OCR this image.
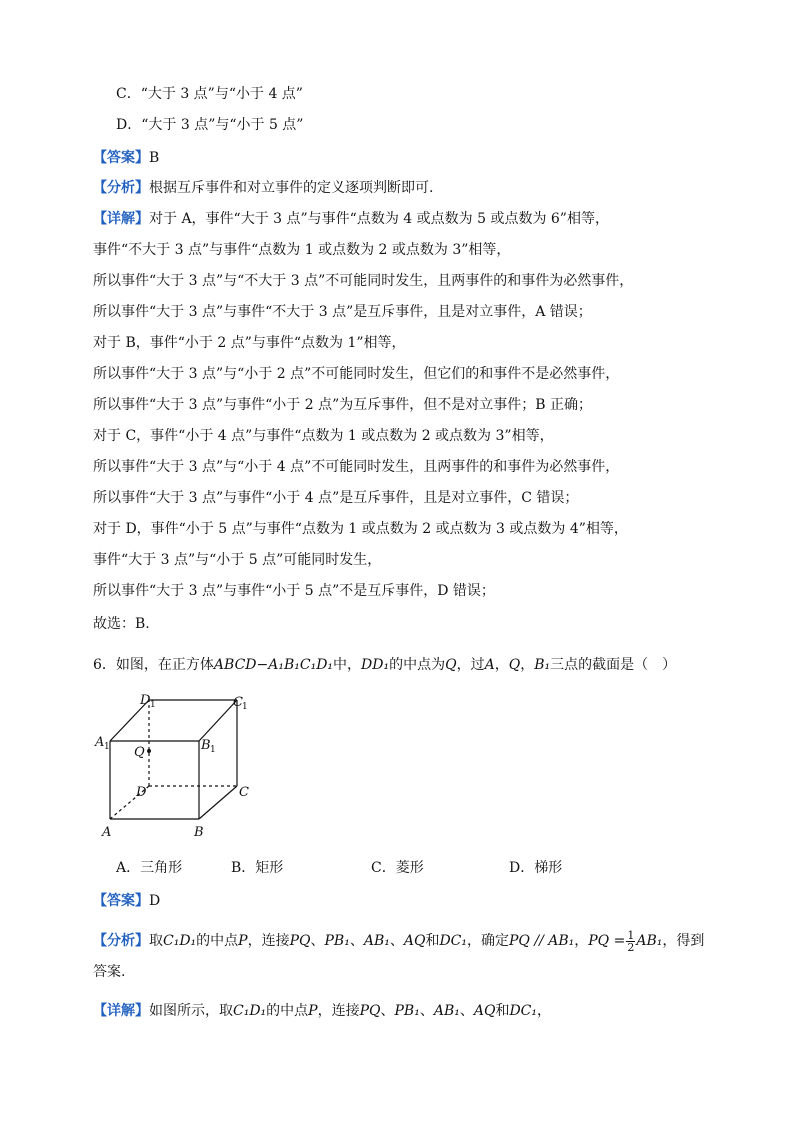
C．“大于 3 点”与“小于 4 点”
D．“大于 3 点”与“小于 5 点”
【答案】B
【分析】根据互斥事件和对立事件的定义逐项判断即可.
【详解】对于 A，事件“大于 3 点”与事件“点数为 4 或点数为 5 或点数为 6”相等，
事件“不大于 3 点”与事件“点数为 1 或点数为 2 或点数为 3”相等，
所以事件“大于 3 点”与“不大于 3 点”不可能同时发生，且两事件的和事件为必然事件，
所以事件“大于 3 点”与事件“不大于 3 点”是互斥事件，且是对立事件，A 错误；
对于 B，事件“小于 2 点”与事件“点数为 1”相等，
所以事件“大于 3 点”与“小于 2 点”不可能同时发生，但它们的和事件不是必然事件，
所以事件“大于 3 点”与事件“小于 2 点”为互斥事件，但不是对立事件；B 正确；
对于 C，事件“小于 4 点”与事件“点数为 1 或点数为 2 或点数为 3”相等，
所以事件“大于 3 点”与“小于 4 点”不可能同时发生，且两事件的和事件为必然事件，
所以事件“大于 3 点”与事件“小于 4 点”是互斥事件，且是对立事件，C 错误；
对于 D，事件“小于 5 点”与事件“点数为 1 或点数为 2 或点数为 3 或点数为 4”相等，
事件“大于 3 点”与“小于 5 点”可能同时发生，
所以事件“大于 3 点”与事件“小于 5 点”不是互斥事件，D 错误；
故选：B.
6．如图，在正方体ABCD−A₁B₁C₁D₁中，DD₁的中点为Q，过A，Q，B₁三点的截面是（　）
A	B
C
D
Q
A	B
C
D
1	1
1
1
A．三角形	B．矩形	C．菱形	D．梯形
【答案】D
【分析】取C₁D₁的中点P，连接PQ、PB₁、AB₁、AQ和DC₁，确定PQ // AB₁，PQ = $\frac{1}{2} AB_1$，得到
答案.
【详解】如图所示，取C₁D₁的中点P，连接PQ、PB₁、AB₁、AQ和DC₁，
